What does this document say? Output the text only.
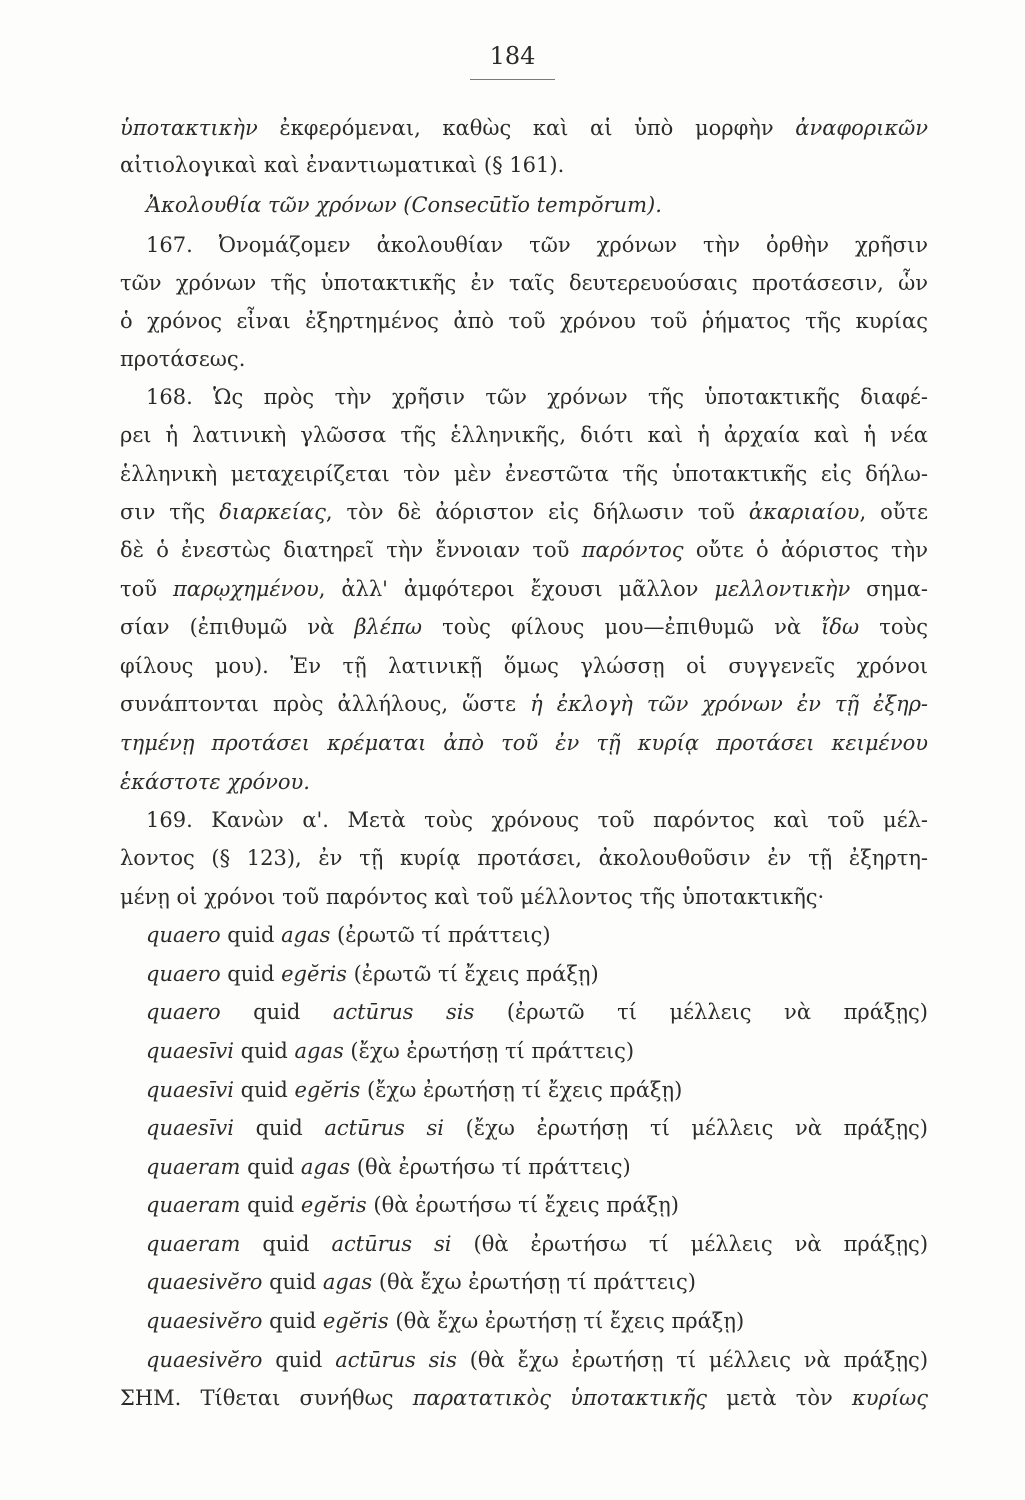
184
ὑποτακτικὴν ἐκφερόμεναι, καθὼς καὶ αἱ ὑπὸ μορφὴν ἀναφορικῶν
αἰτιολογικαὶ καὶ ἐναντιωματικαὶ (§ 161).
Ἀκολουθία τῶν χρόνων (Consecūtĭo tempŏrum).
167. Ὀνομάζομεν ἀκολουθίαν τῶν χρόνων τὴν ὀρθὴν χρῆσιν
τῶν χρόνων τῆς ὑποτακτικῆς ἐν ταῖς δευτερευούσαις προτάσεσιν, ὧν
ὁ χρόνος εἶναι ἐξηρτημένος ἀπὸ τοῦ χρόνου τοῦ ῥήματος τῆς κυρίας
προτάσεως.
168. Ὡς πρὸς τὴν χρῆσιν τῶν χρόνων τῆς ὑποτακτικῆς διαφέ-
ρει ἡ λατινικὴ γλῶσσα τῆς ἑλληνικῆς, διότι καὶ ἡ ἀρχαία καὶ ἡ νέα
ἑλληνικὴ μεταχειρίζεται τὸν μὲν ἐνεστῶτα τῆς ὑποτακτικῆς εἰς δήλω-
σιν τῆς διαρκείας, τὸν δὲ ἀόριστον εἰς δήλωσιν τοῦ ἀκαριαίου, οὔτε
δὲ ὁ ἐνεστὼς διατηρεῖ τὴν ἔννοιαν τοῦ παρόντος οὔτε ὁ ἀόριστος τὴν
τοῦ παρῳχημένου, ἀλλ' ἀμφότεροι ἔχουσι μᾶλλον μελλοντικὴν σημα-
σίαν (ἐπιθυμῶ νὰ βλέπω τοὺς φίλους μου—ἐπιθυμῶ νὰ ἴδω τοὺς
φίλους μου). Ἐν τῇ λατινικῇ ὅμως γλώσσῃ οἱ συγγενεῖς χρόνοι
συνάπτονται πρὸς ἀλλήλους, ὥστε ἡ ἐκλογὴ τῶν χρόνων ἐν τῇ ἐξηρ-
τημένῃ προτάσει κρέμαται ἀπὸ τοῦ ἐν τῇ κυρίᾳ προτάσει κειμένου
ἑκάστοτε χρόνου.
169. Κανὼν α'. Μετὰ τοὺς χρόνους τοῦ παρόντος καὶ τοῦ μέλ-
λοντος (§ 123), ἐν τῇ κυρίᾳ προτάσει, ἀκολουθοῦσιν ἐν τῇ ἐξηρτη-
μένῃ οἱ χρόνοι τοῦ παρόντος καὶ τοῦ μέλλοντος τῆς ὑποτακτικῆς·
quaero quid agas (ἐρωτῶ τί πράττεις)
quaero quid egĕris (ἐρωτῶ τί ἔχεις πράξῃ)
quaero quid actūrus sis (ἐρωτῶ τί μέλλεις νὰ πράξῃς)
quaesīvi quid agas (ἔχω ἐρωτήσῃ τί πράττεις)
quaesīvi quid egĕris (ἔχω ἐρωτήσῃ τί ἔχεις πράξῃ)
quaesīvi quid actūrus si (ἔχω ἐρωτήσῃ τί μέλλεις νὰ πράξῃς)
quaeram quid agas (θὰ ἐρωτήσω τί πράττεις)
quaeram quid egĕris (θὰ ἐρωτήσω τί ἔχεις πράξῃ)
quaeram quid actūrus si (θὰ ἐρωτήσω τί μέλλεις νὰ πράξῃς)
quaesivĕro quid agas (θὰ ἔχω ἐρωτήσῃ τί πράττεις)
quaesivĕro quid egĕris (θὰ ἔχω ἐρωτήσῃ τί ἔχεις πράξῃ)
quaesivĕro quid actūrus sis (θὰ ἔχω ἐρωτήσῃ τί μέλλεις νὰ πράξῃς)
ΣΗΜ. Τίθεται συνήθως παρατατικὸς ὑποτακτικῆς μετὰ τὸν κυρίως
